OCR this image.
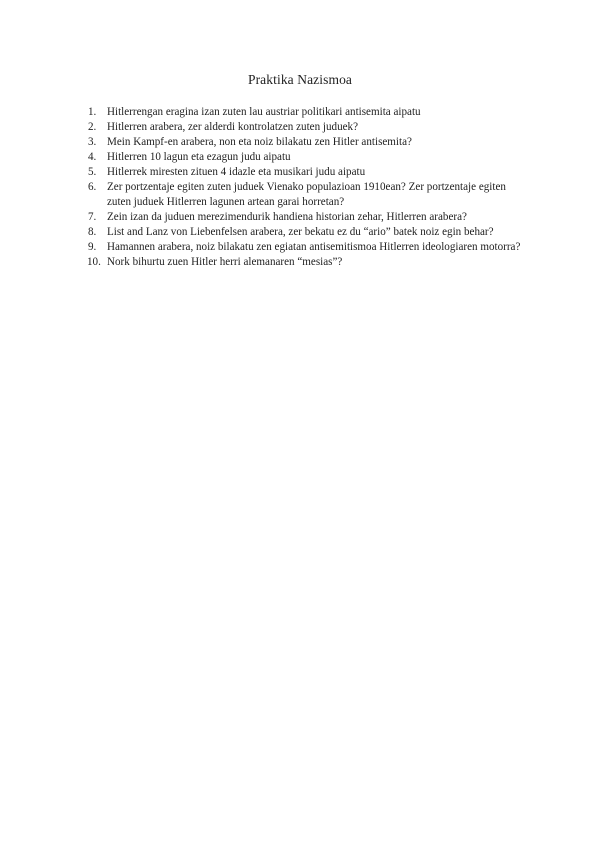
Praktika Nazismoa
1. Hitlerrengan eragina izan zuten lau austriar politikari antisemita aipatu
2. Hitlerren arabera, zer alderdi kontrolatzen zuten juduek?
3. Mein Kampf-en arabera, non eta noiz bilakatu zen Hitler antisemita?
4. Hitlerren 10 lagun eta ezagun judu aipatu
5. Hitlerrek miresten zituen 4 idazle eta musikari judu aipatu
6. Zer portzentaje egiten zuten juduek Vienako populazioan 1910ean? Zer portzentaje egiten zuten juduek Hitlerren lagunen artean garai horretan?
7. Zein izan da juduen merezimendurik handiena historian zehar, Hitlerren arabera?
8. List and Lanz von Liebenfelsen arabera, zer bekatu ez du “ario” batek noiz egin behar?
9. Hamannen arabera, noiz bilakatu zen egiatan antisemitismoa Hitlerren ideologiaren motorra?
10. Nork bihurtu zuen Hitler herri alemanaren “mesias”?
